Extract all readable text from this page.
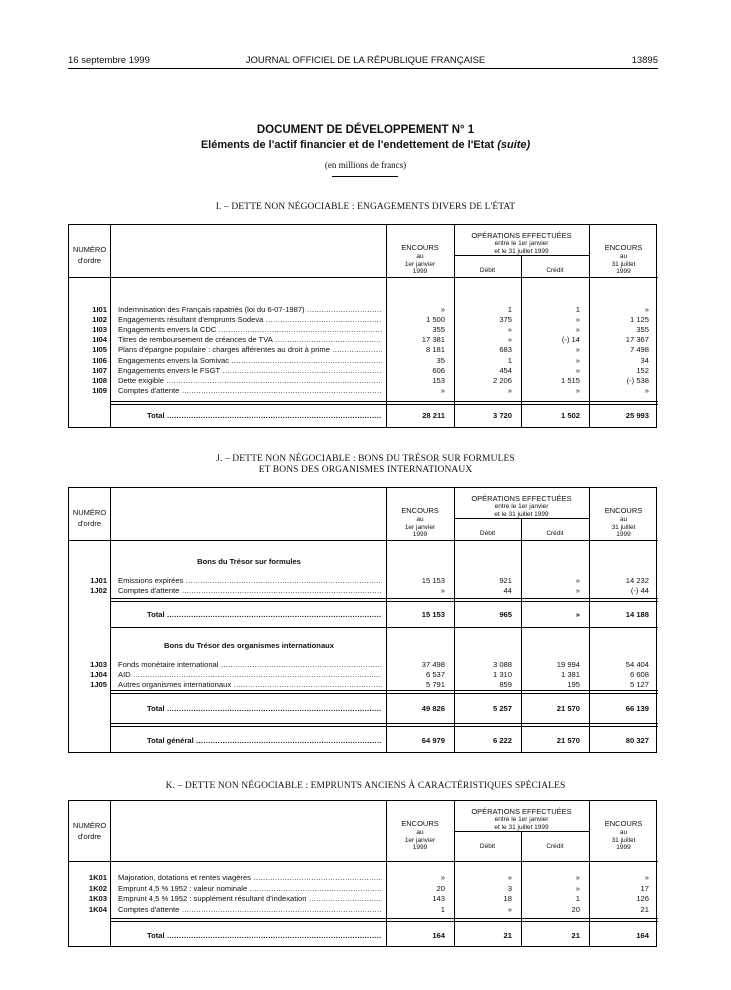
16 septembre 1999	JOURNAL OFFICIEL DE LA RÉPUBLIQUE FRANÇAISE	13895
DOCUMENT DE DÉVELOPPEMENT N° 1
Eléments de l'actif financier et de l'endettement de l'Etat (suite)
(en millions de francs)
I. – DETTE NON NÉGOCIABLE : ENGAGEMENTS DIVERS DE L'ÉTAT
NUMÉRO
d'ordre
ENCOURS
au
1er janvier
1999
OPÉRATIONS EFFECTUÉES
entre le 1er janvier
et le 31 juillet 1999
Débit	Crédit
ENCOURS
au
31 juillet
1999
1I01 Indemnisation des Français rapatriés (loi du 6-07-1987) .....	»	1	1	»
1I02 Engagements résultant d'emprunts Sodeva .....	1 500	375	»	1 125
1I03 Engagements envers la CDC .....	355	»	»	355
1I04 Titres de remboursement de créances de TVA .....	17 381	»	(-) 14	17 367
1I05 Plans d'épargne populaire : charges afférentes au droit à prime .....	8 181	683	»	7 498
1I06 Engagements envers la Somivac .....	35	1	»	34
1I07 Engagements envers le FSGT .....	606	454	»	152
1I08 Dette exigible .....	153	2 206	1 515	(-) 538
1I09 Comptes d'attente .....	»	»	»	»
Total .....	28 211	3 720	1 502	25 993
J. – DETTE NON NÉGOCIABLE : BONS DU TRÉSOR SUR FORMULES
ET BONS DES ORGANISMES INTERNATIONAUX
NUMÉRO
d'ordre
ENCOURS
au
1er janvier
1999
OPÉRATIONS EFFECTUÉES
entre le 1er janvier
et le 31 juillet 1999
Débit	Crédit
ENCOURS
au
31 juillet
1999
Bons du Trésor sur formules
1J01 Emissions expirées .....	15 153	921	»	14 232
1J02 Comptes d'attente .....	»	44	»	(-) 44
Total .....	15 153	965	»	14 188
Bons du Trésor des organismes internationaux
1J03 Fonds monétaire international .....	37 498	3 088	19 994	54 404
1J04 AID .....	6 537	1 310	1 381	6 608
1J05 Autres organismes internationaux .....	5 791	859	195	5 127
Total .....	49 826	5 257	21 570	66 139
Total général .....	64 979	6 222	21 570	80 327
K. – DETTE NON NÉGOCIABLE : EMPRUNTS ANCIENS À CARACTÉRISTIQUES SPÉCIALES
NUMÉRO
d'ordre
ENCOURS
au
1er janvier
1999
OPÉRATIONS EFFECTUÉES
entre le 1er janvier
et le 31 juillet 1999
Débit	Crédit
ENCOURS
au
31 juillet
1999
1K01 Majoration, dotations et rentes viagères .....	»	»	»	»
1K02 Emprunt 4,5 % 1952 : valeur nominale .....	20	3	»	17
1K03 Emprunt 4,5 % 1952 : supplément résultant d'indexation .....	143	18	1	126
1K04 Comptes d'attente .....	1	»	20	21
Total .....	164	21	21	164
